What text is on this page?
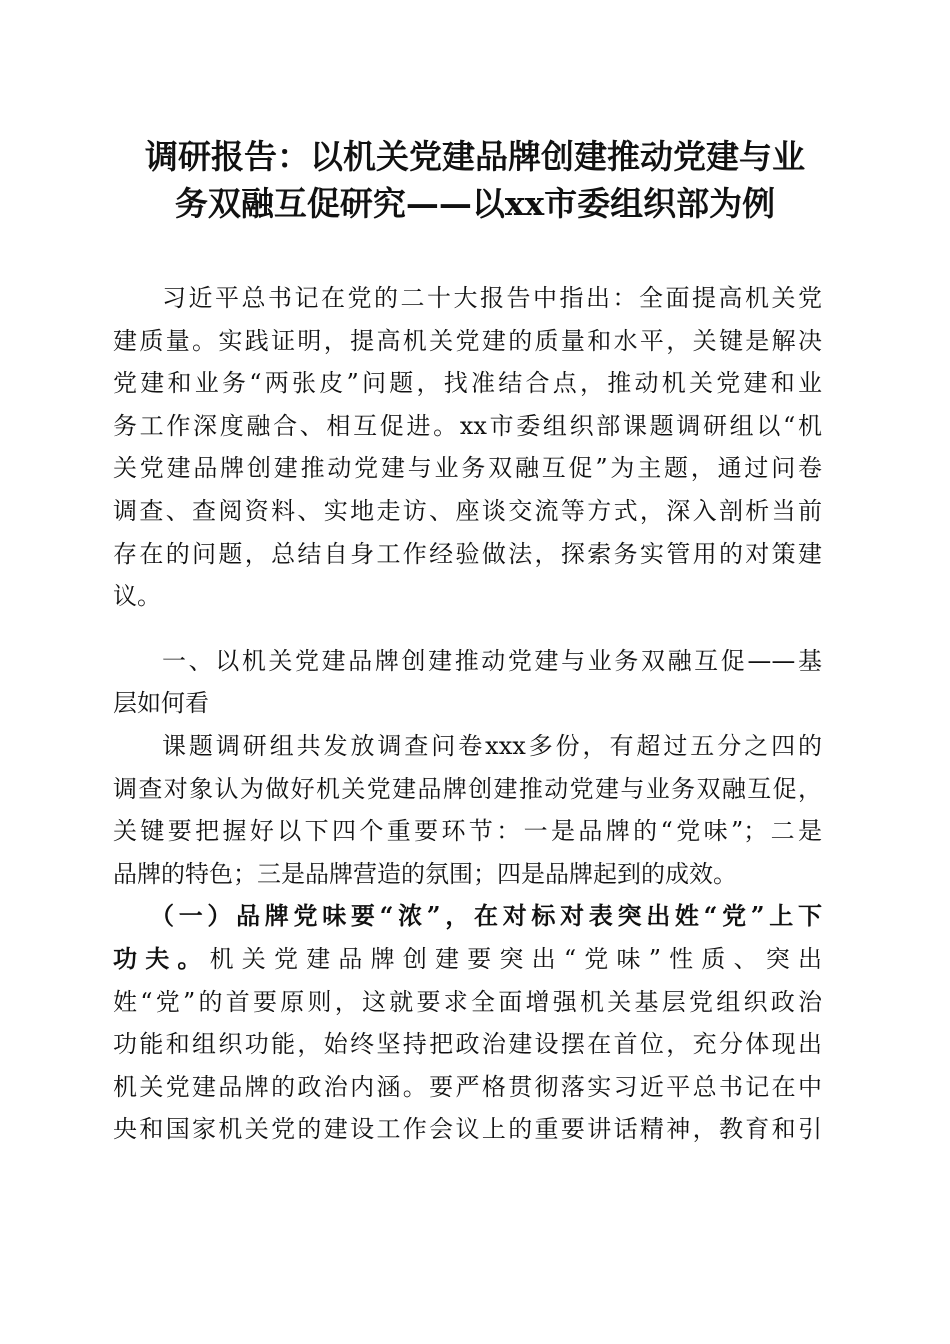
调研报告：以机关党建品牌创建推动党建与业
务双融互促研究——以xx市委组织部为例
习近平总书记在党的二十大报告中指出：全面提高机关党
建质量。实践证明，提高机关党建的质量和水平，关键是解决
党建和业务“两张皮”问题，找准结合点，推动机关党建和业
务工作深度融合、相互促进。xx市委组织部课题调研组以“机
关党建品牌创建推动党建与业务双融互促”为主题，通过问卷
调查、查阅资料、实地走访、座谈交流等方式，深入剖析当前
存在的问题，总结自身工作经验做法，探索务实管用的对策建
议。
一、以机关党建品牌创建推动党建与业务双融互促——基
层如何看
课题调研组共发放调查问卷xxx多份，有超过五分之四的
调查对象认为做好机关党建品牌创建推动党建与业务双融互促，
关键要把握好以下四个重要环节：一是品牌的“党味”；二是
品牌的特色；三是品牌营造的氛围；四是品牌起到的成效。
（一）品牌党味要“浓”，在对标对表突出姓“党”上下
功夫。机关党建品牌创建要突出“党味”性质、突出
姓“党”的首要原则，这就要求全面增强机关基层党组织政治
功能和组织功能，始终坚持把政治建设摆在首位，充分体现出
机关党建品牌的政治内涵。要严格贯彻落实习近平总书记在中
央和国家机关党的建设工作会议上的重要讲话精神，教育和引
